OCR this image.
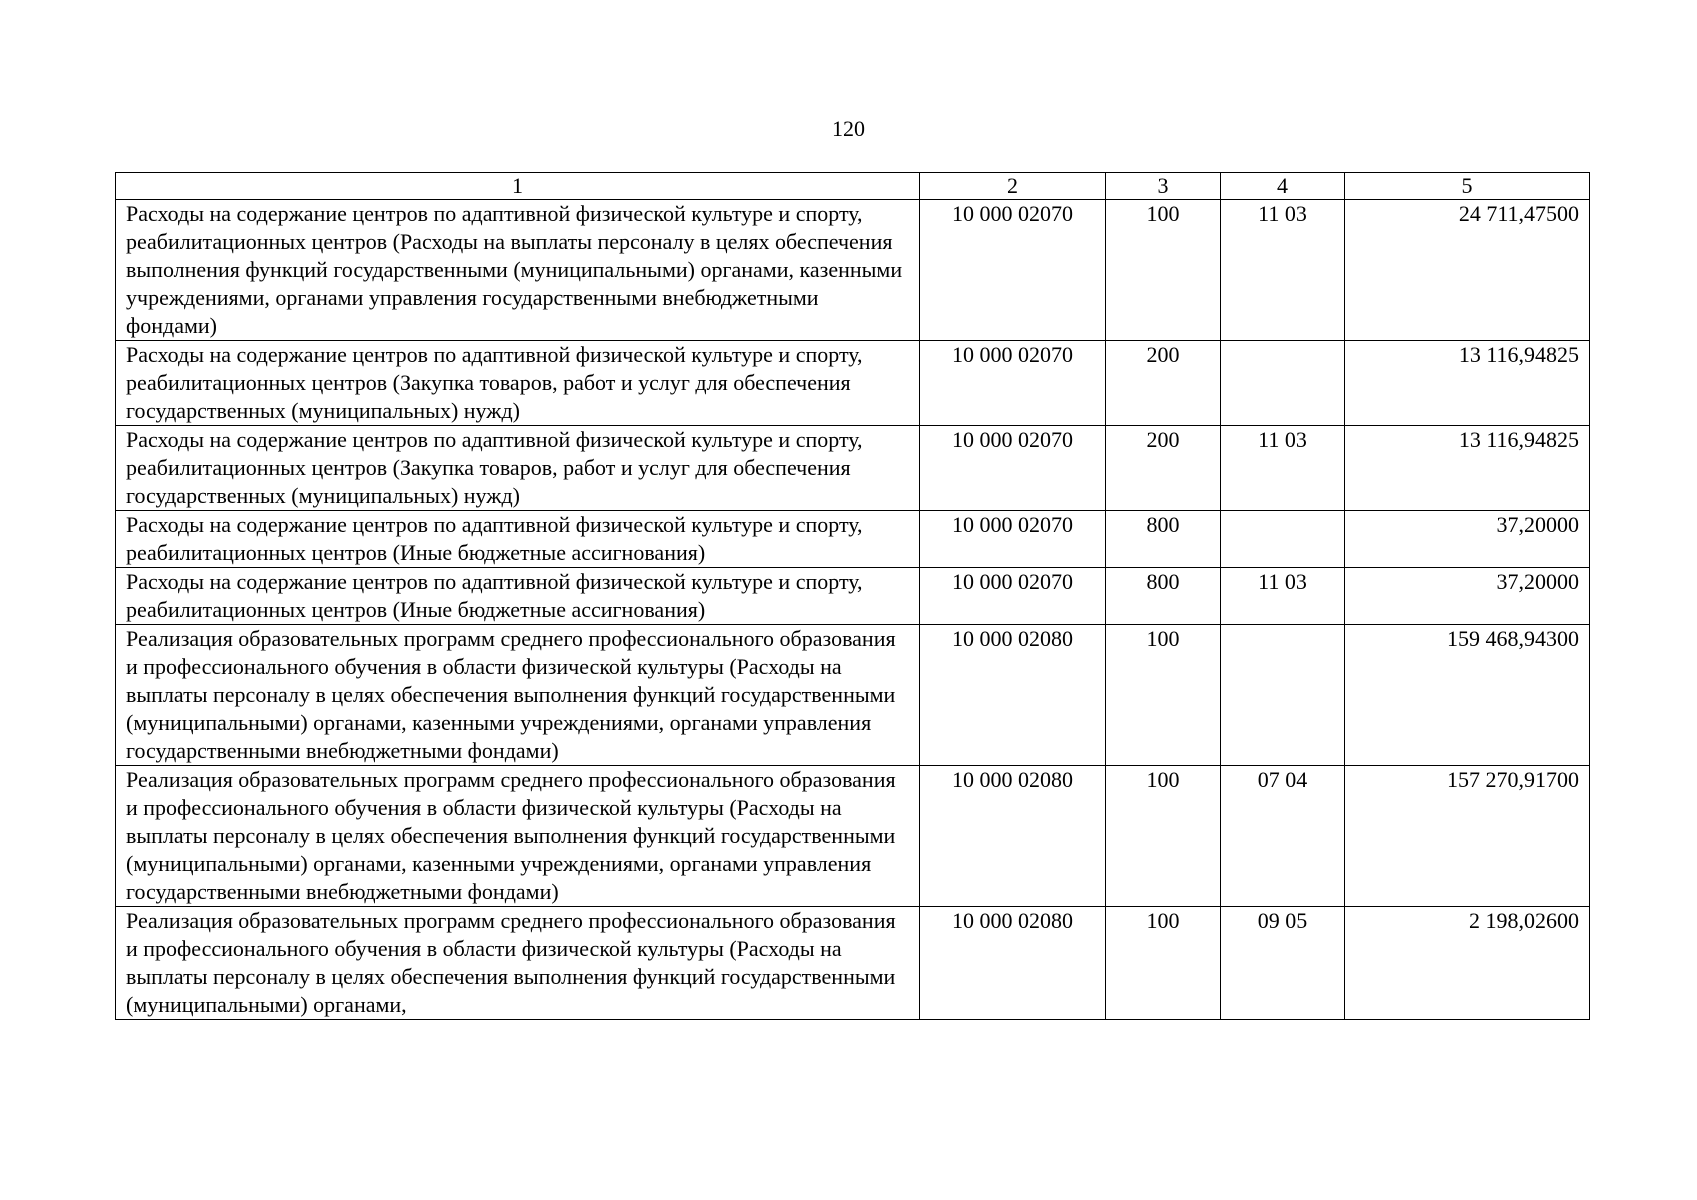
120
1	2	3	4	5
Расходы на содержание центров по адаптивной физической культуре и спорту, реабилитационных центров (Расходы на выплаты персоналу в целях обеспечения выполнения функций государственными (муниципальными) органами, казенными учреждениями, органами управления государственными внебюджетными фондами)	10 000 02070	100	11 03	24 711,47500
Расходы на содержание центров по адаптивной физической культуре и спорту, реабилитационных центров (Закупка товаров, работ и услуг для обеспечения государственных (муниципальных) нужд)	10 000 02070	200		13 116,94825
Расходы на содержание центров по адаптивной физической культуре и спорту, реабилитационных центров (Закупка товаров, работ и услуг для обеспечения государственных (муниципальных) нужд)	10 000 02070	200	11 03	13 116,94825
Расходы на содержание центров по адаптивной физической культуре и спорту, реабилитационных центров (Иные бюджетные ассигнования)	10 000 02070	800		37,20000
Расходы на содержание центров по адаптивной физической культуре и спорту, реабилитационных центров (Иные бюджетные ассигнования)	10 000 02070	800	11 03	37,20000
Реализация образовательных программ среднего профессионального образования и профессионального обучения в области физической культуры (Расходы на выплаты персоналу в целях обеспечения выполнения функций государственными (муниципальными) органами, казенными учреждениями, органами управления государственными внебюджетными фондами)	10 000 02080	100		159 468,94300
Реализация образовательных программ среднего профессионального образования и профессионального обучения в области физической культуры (Расходы на выплаты персоналу в целях обеспечения выполнения функций государственными (муниципальными) органами, казенными учреждениями, органами управления государственными внебюджетными фондами)	10 000 02080	100	07 04	157 270,91700
Реализация образовательных программ среднего профессионального образования и профессионального обучения в области физической культуры (Расходы на выплаты персоналу в целях обеспечения выполнения функций государственными (муниципальными) органами,	10 000 02080	100	09 05	2 198,02600
